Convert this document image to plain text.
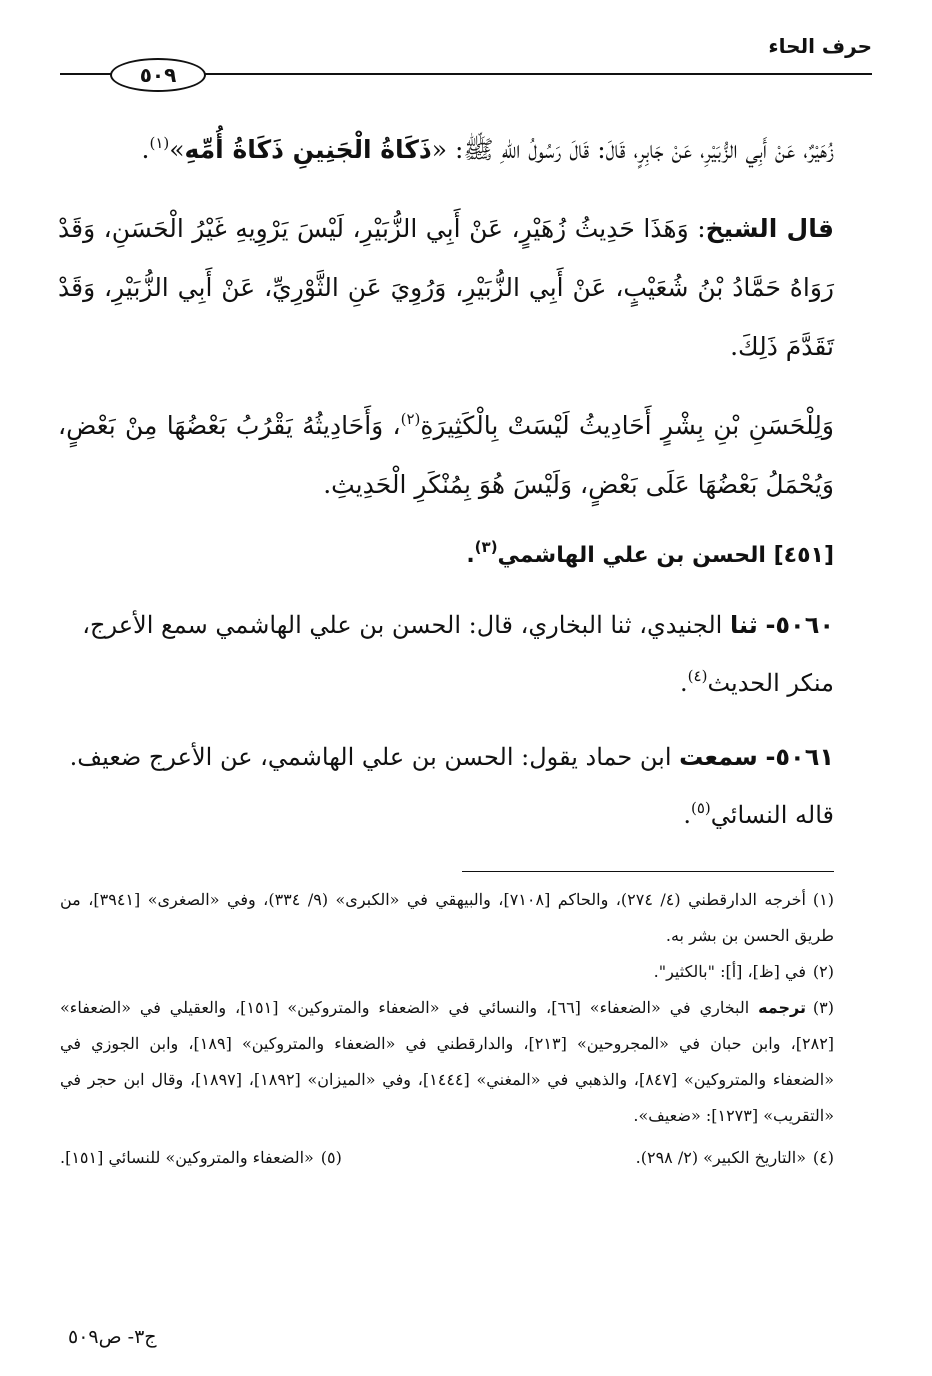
حرف الحاء
٥٠٩

زُهَيْرٌ، عَنْ أَبِي الزُّبَيْرِ، عَنْ جَابِرٍ، قَالَ: قَالَ رَسُولُ اللهِ ﷺ: «ذَكَاةُ الْجَنِينِ ذَكَاةُ أُمِّهِ»$^{(١)}$.

قال الشيخ: وَهَذَا حَدِيثُ زُهَيْرٍ، عَنْ أَبِي الزُّبَيْرِ، لَيْسَ يَرْوِيهِ غَيْرُ الْحَسَنِ، وَقَدْ رَوَاهُ حَمَّادُ بْنُ شُعَيْبٍ، عَنْ أَبِي الزُّبَيْرِ، وَرُوِيَ عَنِ الثَّوْرِيِّ، عَنْ أَبِي الزُّبَيْرِ، وَقَدْ تَقَدَّمَ ذَلِكَ.

وَلِلْحَسَنِ بْنِ بِشْرٍ أَحَادِيثُ لَيْسَتْ بِالْكَثِيرَةِ$^{(٢)}$، وَأَحَادِيثُهُ يَقْرُبُ بَعْضُهَا مِنْ بَعْضٍ، وَيُحْمَلُ بَعْضُهَا عَلَى بَعْضٍ، وَلَيْسَ هُوَ بِمُنْكَرِ الْحَدِيثِ.

[٤٥١] الحسن بن علي الهاشمي$^{(٣)}$.

٥٠٦٠- ثنا الجنيدي، ثنا البخاري، قال: الحسن بن علي الهاشمي سمع الأعرج، منكر الحديث$^{(٤)}$.

٥٠٦١- سمعت ابن حماد يقول: الحسن بن علي الهاشمي، عن الأعرج ضعيف. قاله النسائي$^{(٥)}$.

(١)أخرجه الدارقطني (٤/ ٢٧٤)، والحاكم [٧١٠٨]، والبيهقي في «الكبرى» (٩/ ٣٣٤)، وفي «الصغرى» [٣٩٤١]، من طريق الحسن بن بشر به.

(٢)في [ظ]، [أ]: "بالكثير".

(٣)ترجمه البخاري في «الضعفاء» [٦٦]، والنسائي في «الضعفاء والمتروكين» [١٥١]، والعقيلي في «الضعفاء» [٢٨٢]، وابن حبان في «المجروحين» [٢١٣]، والدارقطني في «الضعفاء والمتروكين» [١٨٩]، وابن الجوزي في «الضعفاء والمتروكين» [٨٤٧]، والذهبي في «المغني» [١٤٤٤]، وفي «الميزان» [١٨٩٢]، [١٨٩٧]، وقال ابن حجر في «التقريب» [١٢٧٣]: «ضعيف».

(٤)«التاريخ الكبير» (٢/ ٢٩٨).

(٥)«الضعفاء والمتروكين» للنسائي [١٥١].

ج٣- ص٥٠٩
